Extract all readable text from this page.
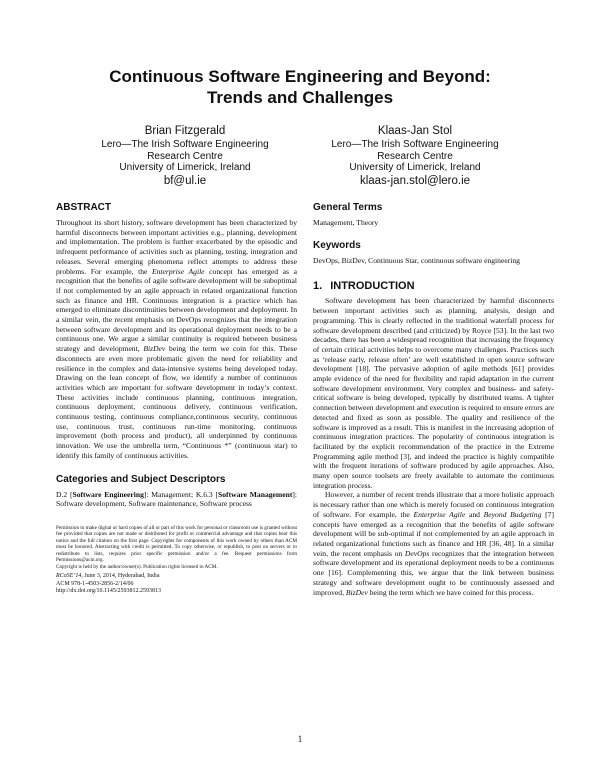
Continuous Software Engineering and Beyond:
Trends and Challenges
Brian Fitzgerald
Lero—The Irish Software Engineering
Research Centre
University of Limerick, Ireland
bf@ul.ie
Klaas-Jan Stol
Lero—The Irish Software Engineering
Research Centre
University of Limerick, Ireland
klaas-jan.stol@lero.ie
ABSTRACT

Throughout its short history, software development has been characterized by harmful disconnects between important activities e.g., planning, development and implementation. The problem is further exacerbated by the episodic and infrequent performance of activities such as planning, testing, integration and releases. Several emerging phenomena reflect attempts to address these problems. For example, the Enterprise Agile concept has emerged as a recognition that the benefits of agile software development will be suboptimal if not complemented by an agile approach in related organizational function such as finance and HR. Continuous integration is a practice which has emerged to eliminate discontinuities between development and deployment. In a similar vein, the recent emphasis on DevOps recognizes that the integration between software development and its operational deployment needs to be a continuous one. We argue a similar continuity is required between business strategy and development, BizDev being the term we coin for this. These disconnects are even more problematic given the need for reliability and resilience in the complex and data-intensive systems being developed today. Drawing on the lean concept of flow, we identify a number of continuous activities which are important for software development in today’s context. These activities include continuous planning, continuous integration, continuous deployment, continuous delivery, continuous verification, continuous testing, continuous compliance,continuous security, continuous use, continuous trust, continuous run-time monitoring, continuous improvement (both process and product), all underpinned by continuous innovation. We use the umbrella term, “Continuous *” (continuous star) to identify this family of continuous activities.

Categories and Subject Descriptors

D.2 [Software Engineering]: Management; K.6.3 [Software Management]: Software development, Software maintenance, Software process

Permission to make digital or hard copies of all or part of this work for personal or classroom use is granted without fee provided that copies are not made or distributed for profit or commercial advantage and that copies bear this notice and the full citation on the first page. Copyrights for components of this work owned by others than ACM must be honored. Abstracting with credit is permitted. To copy otherwise, or republish, to post on servers or to redistribute to lists, requires prior specific permission and/or a fee. Request permissions from Permissions@acm.org.

Copyright is held by the author/owner(s). Publication rights licensed to ACM.

RCoSE’14, June 3, 2014, Hyderabad, India

ACM 978-1-4503-2856-2/14/06

http://dx.doi.org/10.1145/2593812.2593813

General Terms

Management, Theory

Keywords

DevOps, BizDev, Continuous Star, continuous software engineering

1. INTRODUCTION

Software development has been characterized by harmful disconnects between important activities such as planning, analysis, design and programming. This is clearly reflected in the traditional waterfall process for software development described (and criticized) by Royce [53]. In the last two decades, there has been a widespread recognition that increasing the frequency of certain critical activities helps to overcome many challenges. Practices such as ‘release early, release often’ are well established in open source software development [18]. The pervasive adoption of agile methods [61] provides ample evidence of the need for flexibility and rapid adaptation in the current software development environment. Very complex and business- and safety-critical software is being developed, typically by distributed teams. A tighter connection between development and execution is required to ensure errors are detected and fixed as soon as possible. The quality and resilience of the software is improved as a result. This is manifest in the increasing adoption of continuous integration practices. The popularity of continuous integration is facilitated by the explicit recommendation of the practice in the Extreme Programming agile method [3], and indeed the practice is highly compatible with the frequent iterations of software produced by agile approaches. Also, many open source toolsets are freely available to automate the continuous integration process.

However, a number of recent trends illustrate that a more holistic approach is necessary rather than one which is merely focused on continuous integration of software. For example, the Enterprise Agile and Beyond Budgeting [7] concepts have emerged as a recognition that the benefits of agile software development will be sub-optimal if not complemented by an agile approach in related organizational functions such as finance and HR [36, 48]. In a similar vein, the recent emphasis on DevOps recognizes that the integration between software development and its operational deployment needs to be a continuous one [16]. Complementing this, we argue that the link between business strategy and software development ought to be continuously assessed and improved, BizDev being the term which we have coined for this process.

1
